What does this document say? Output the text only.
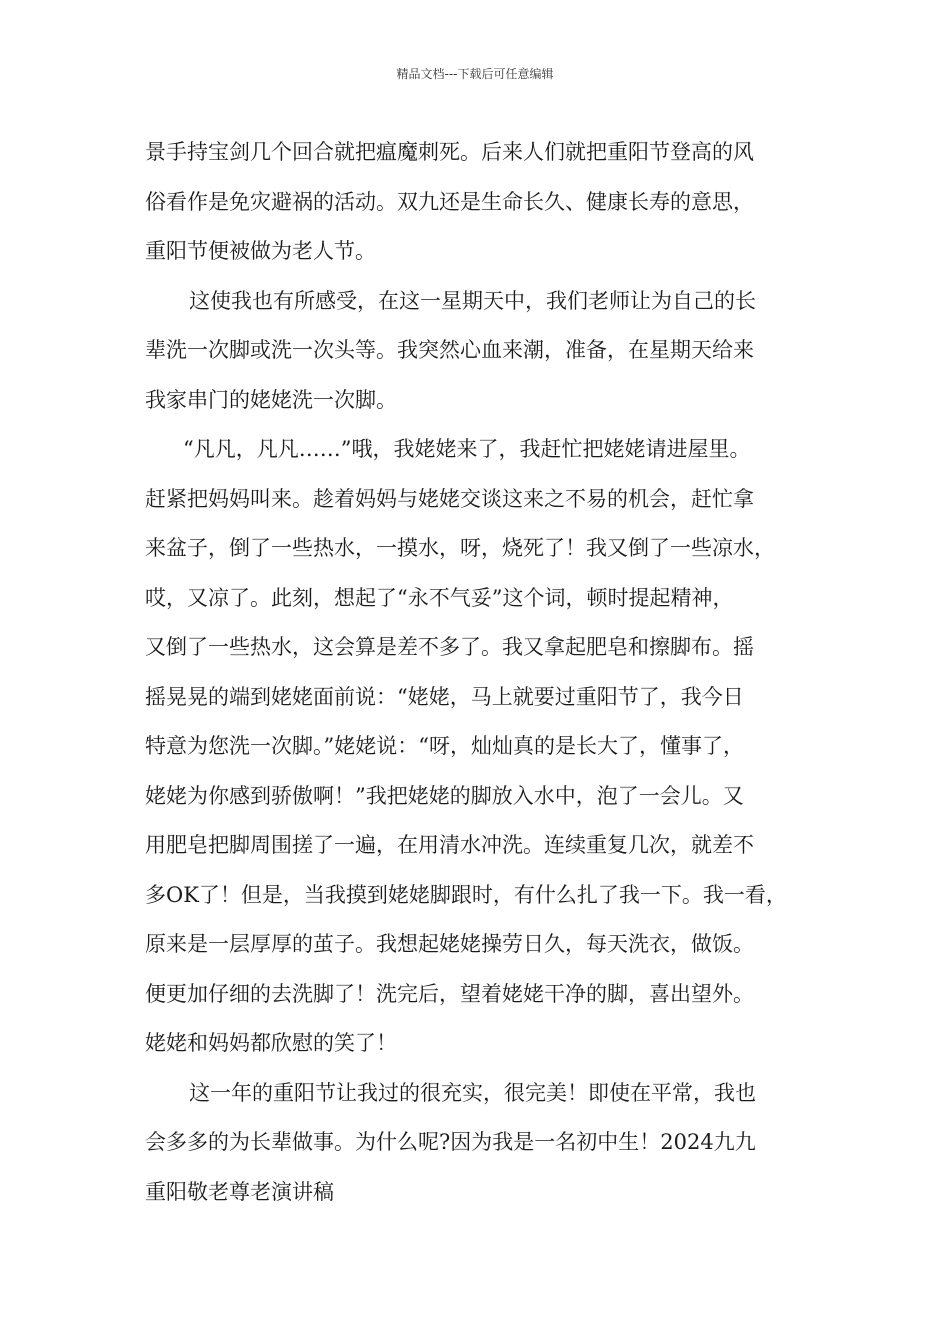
精品文档---下载后可任意编辑
景手持宝剑几个回合就把瘟魔刺死。后来人们就把重阳节登高的风
俗看作是免灾避祸的活动。双九还是生命长久、健康长寿的意思，
重阳节便被做为老人节。
这使我也有所感受，在这一星期天中，我们老师让为自己的长
辈洗一次脚或洗一次头等。我突然心血来潮，准备，在星期天给来
我家串门的姥姥洗一次脚。
“凡凡，凡凡……”哦，我姥姥来了，我赶忙把姥姥请进屋里。
赶紧把妈妈叫来。趁着妈妈与姥姥交谈这来之不易的机会，赶忙拿
来盆子，倒了一些热水，一摸水，呀，烧死了！我又倒了一些凉水，
哎，又凉了。此刻，想起了“永不气妥”这个词，顿时提起精神，
又倒了一些热水，这会算是差不多了。我又拿起肥皂和擦脚布。摇
摇晃晃的端到姥姥面前说：“姥姥，马上就要过重阳节了，我今日
特意为您洗一次脚。”姥姥说：“呀，灿灿真的是长大了，懂事了，
姥姥为你感到骄傲啊！”我把姥姥的脚放入水中，泡了一会儿。又
用肥皂把脚周围搓了一遍，在用清水冲洗。连续重复几次，就差不
多OK了！但是，当我摸到姥姥脚跟时，有什么扎了我一下。我一看，
原来是一层厚厚的茧子。我想起姥姥操劳日久，每天洗衣，做饭。
便更加仔细的去洗脚了！洗完后，望着姥姥干净的脚，喜出望外。
姥姥和妈妈都欣慰的笑了！
这一年的重阳节让我过的很充实，很完美！即使在平常，我也
会多多的为长辈做事。为什么呢?因为我是一名初中生！2024九九
重阳敬老尊老演讲稿
